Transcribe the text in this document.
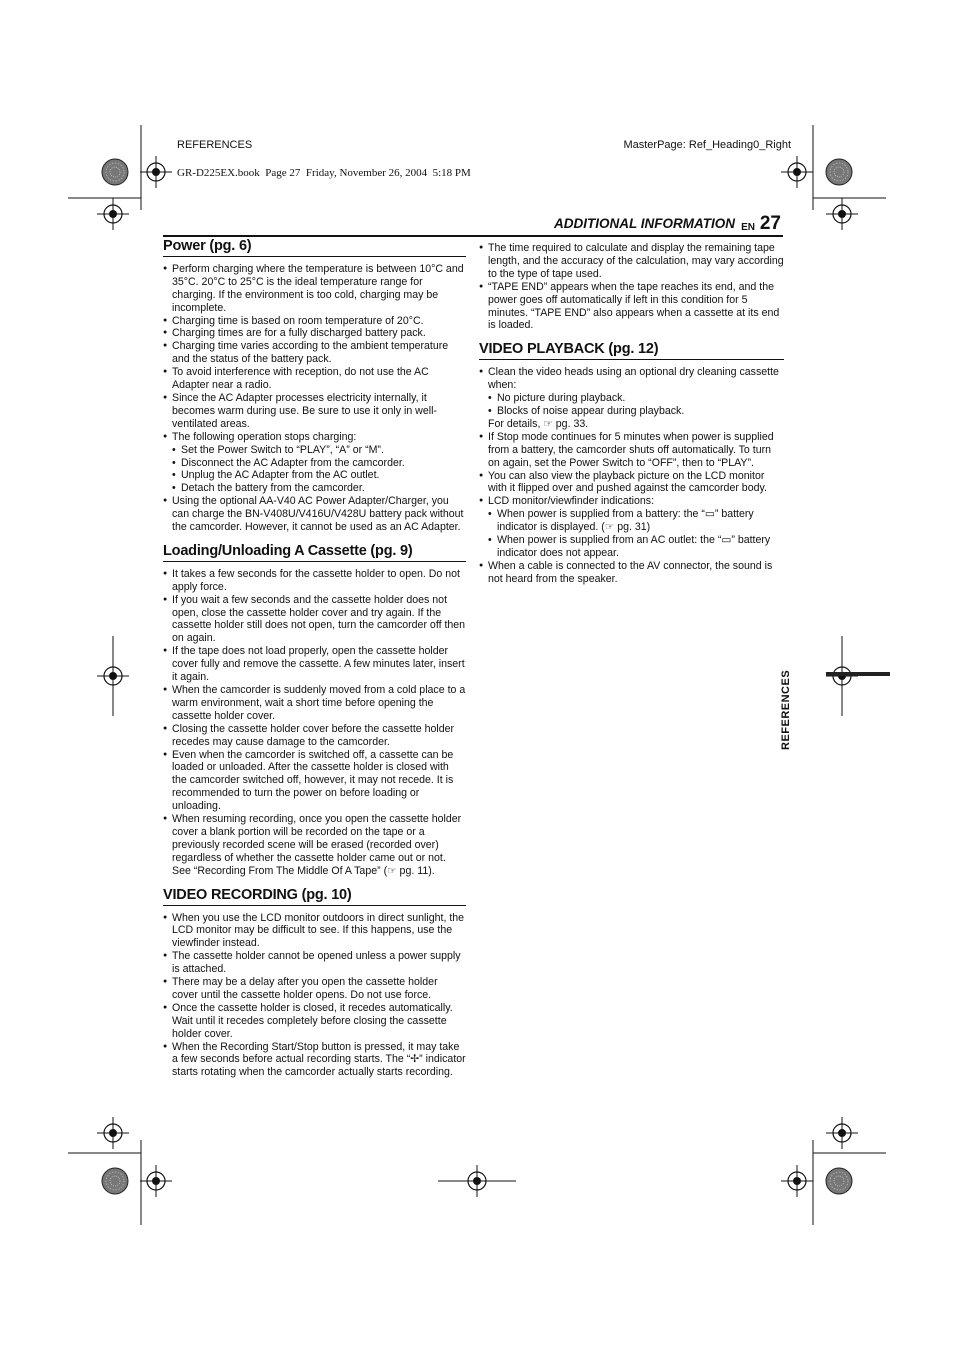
REFERENCES	MasterPage: Ref_Heading0_Right
GR-D225EX.book  Page 27  Friday, November 26, 2004  5:18 PM
ADDITIONAL INFORMATION EN 27
REFERENCES
Power (pg. 6)
● Perform charging where the temperature is between 10°C and 35°C. 20°C to 25°C is the ideal temperature range for charging. If the environment is too cold, charging may be incomplete.
● Charging time is based on room temperature of 20°C.
● Charging times are for a fully discharged battery pack.
● Charging time varies according to the ambient temperature and the status of the battery pack.
● To avoid interference with reception, do not use the AC Adapter near a radio.
● Since the AC Adapter processes electricity internally, it becomes warm during use. Be sure to use it only in well-ventilated areas.
● The following operation stops charging:
• Set the Power Switch to “PLAY”, “A” or “M”.
• Disconnect the AC Adapter from the camcorder.
• Unplug the AC Adapter from the AC outlet.
• Detach the battery from the camcorder.
● Using the optional AA-V40 AC Power Adapter/Charger, you can charge the BN-V408U/V416U/V428U battery pack without the camcorder. However, it cannot be used as an AC Adapter.
Loading/Unloading A Cassette (pg. 9)
● It takes a few seconds for the cassette holder to open. Do not apply force.
● If you wait a few seconds and the cassette holder does not open, close the cassette holder cover and try again. If the cassette holder still does not open, turn the camcorder off then on again.
● If the tape does not load properly, open the cassette holder cover fully and remove the cassette. A few minutes later, insert it again.
● When the camcorder is suddenly moved from a cold place to a warm environment, wait a short time before opening the cassette holder cover.
● Closing the cassette holder cover before the cassette holder recedes may cause damage to the camcorder.
● Even when the camcorder is switched off, a cassette can be loaded or unloaded. After the cassette holder is closed with the camcorder switched off, however, it may not recede. It is recommended to turn the power on before loading or unloading.
● When resuming recording, once you open the cassette holder cover a blank portion will be recorded on the tape or a previously recorded scene will be erased (recorded over) regardless of whether the cassette holder came out or not. See “Recording From The Middle Of A Tape” (☞ pg. 11).
VIDEO RECORDING (pg. 10)
● When you use the LCD monitor outdoors in direct sunlight, the LCD monitor may be difficult to see. If this happens, use the viewfinder instead.
● The cassette holder cannot be opened unless a power supply is attached.
● There may be a delay after you open the cassette holder cover until the cassette holder opens. Do not use force.
● Once the cassette holder is closed, it recedes automatically. Wait until it recedes completely before closing the cassette holder cover.
● When the Recording Start/Stop button is pressed, it may take a few seconds before actual recording starts. The “✢” indicator starts rotating when the camcorder actually starts recording.
● The time required to calculate and display the remaining tape length, and the accuracy of the calculation, may vary according to the type of tape used.
● “TAPE END” appears when the tape reaches its end, and the power goes off automatically if left in this condition for 5 minutes. “TAPE END” also appears when a cassette at its end is loaded.
VIDEO PLAYBACK (pg. 12)
● Clean the video heads using an optional dry cleaning cassette when:
• No picture during playback.
• Blocks of noise appear during playback.
For details, ☞ pg. 33.
● If Stop mode continues for 5 minutes when power is supplied from a battery, the camcorder shuts off automatically. To turn on again, set the Power Switch to “OFF”, then to “PLAY”.
● You can also view the playback picture on the LCD monitor with it flipped over and pushed against the camcorder body.
● LCD monitor/viewfinder indications:
• When power is supplied from a battery: the “▭” battery indicator is displayed. (☞ pg. 31)
• When power is supplied from an AC outlet: the “▭” battery indicator does not appear.
● When a cable is connected to the AV connector, the sound is not heard from the speaker.
